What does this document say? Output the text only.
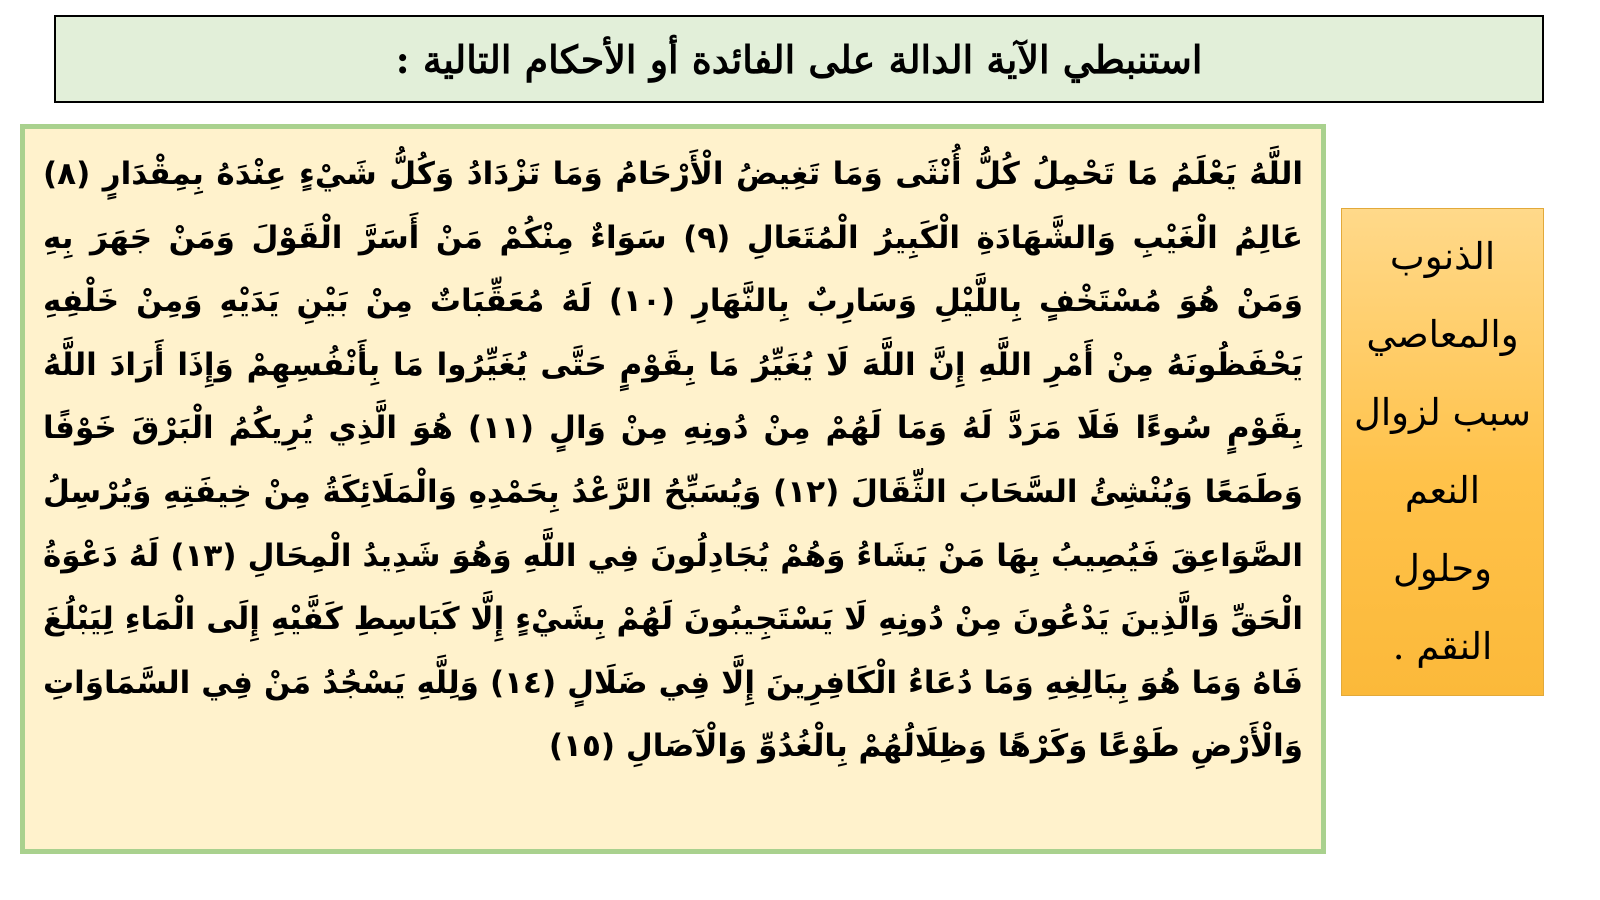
استنبطي الآية الدالة على الفائدة أو الأحكام التالية :

اللَّهُ يَعْلَمُ مَا تَحْمِلُ كُلُّ أُنْثَى وَمَا تَغِيضُ الْأَرْحَامُ وَمَا تَزْدَادُ وَكُلُّ شَيْءٍ عِنْدَهُ بِمِقْدَارٍ (٨) عَالِمُ الْغَيْبِ وَالشَّهَادَةِ الْكَبِيرُ الْمُتَعَالِ (٩) سَوَاءٌ مِنْكُمْ مَنْ أَسَرَّ الْقَوْلَ وَمَنْ جَهَرَ بِهِ وَمَنْ هُوَ مُسْتَخْفٍ بِاللَّيْلِ وَسَارِبٌ بِالنَّهَارِ (١٠) لَهُ مُعَقِّبَاتٌ مِنْ بَيْنِ يَدَيْهِ وَمِنْ خَلْفِهِ يَحْفَظُونَهُ مِنْ أَمْرِ اللَّهِ إِنَّ اللَّهَ لَا يُغَيِّرُ مَا بِقَوْمٍ حَتَّى يُغَيِّرُوا مَا بِأَنْفُسِهِمْ وَإِذَا أَرَادَ اللَّهُ بِقَوْمٍ سُوءًا فَلَا مَرَدَّ لَهُ وَمَا لَهُمْ مِنْ دُونِهِ مِنْ وَالٍ (١١) هُوَ الَّذِي يُرِيكُمُ الْبَرْقَ خَوْفًا وَطَمَعًا وَيُنْشِئُ السَّحَابَ الثِّقَالَ (١٢) وَيُسَبِّحُ الرَّعْدُ بِحَمْدِهِ وَالْمَلَائِكَةُ مِنْ خِيفَتِهِ وَيُرْسِلُ الصَّوَاعِقَ فَيُصِيبُ بِهَا مَنْ يَشَاءُ وَهُمْ يُجَادِلُونَ فِي اللَّهِ وَهُوَ شَدِيدُ الْمِحَالِ (١٣) لَهُ دَعْوَةُ الْحَقِّ وَالَّذِينَ يَدْعُونَ مِنْ دُونِهِ لَا يَسْتَجِيبُونَ لَهُمْ بِشَيْءٍ إِلَّا كَبَاسِطِ كَفَّيْهِ إِلَى الْمَاءِ لِيَبْلُغَ فَاهُ وَمَا هُوَ بِبَالِغِهِ وَمَا دُعَاءُ الْكَافِرِينَ إِلَّا فِي ضَلَالٍ (١٤) وَلِلَّهِ يَسْجُدُ مَنْ فِي السَّمَاوَاتِ وَالْأَرْضِ طَوْعًا وَكَرْهًا وَظِلَالُهُمْ بِالْغُدُوِّ وَالْآصَالِ (١٥)

الذنوب والمعاصي سبب لزوال النعم وحلول النقم .
